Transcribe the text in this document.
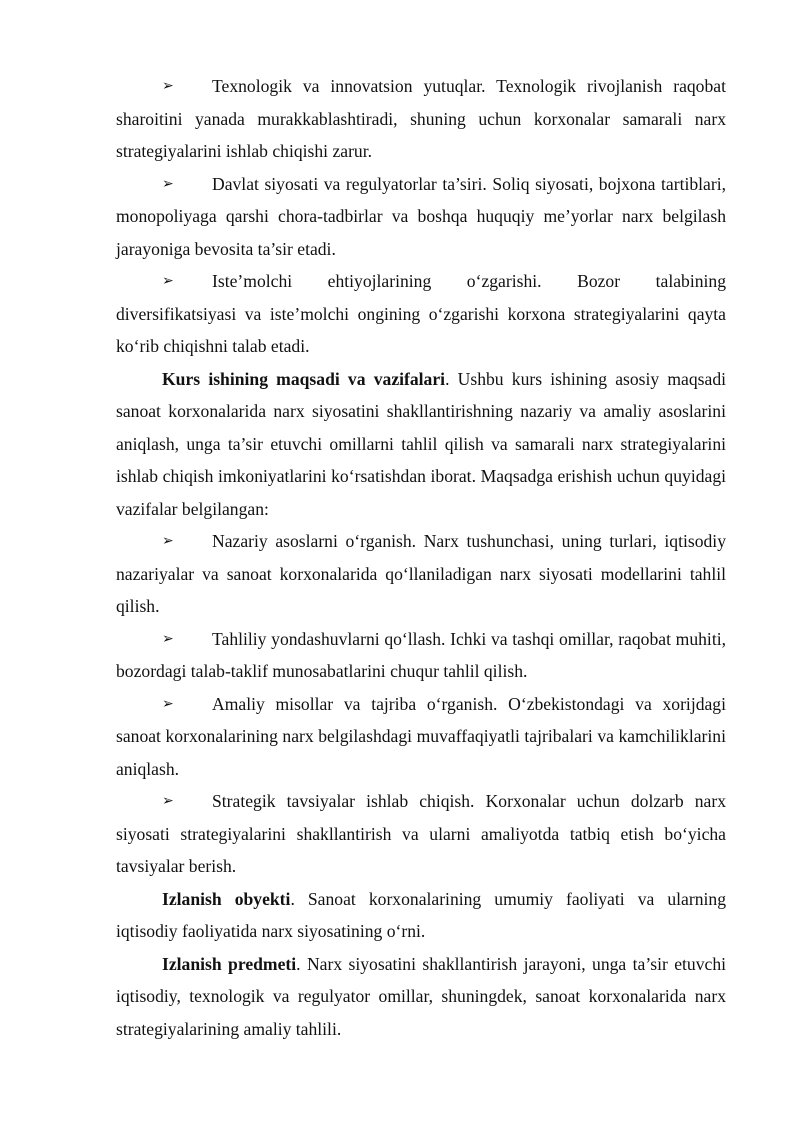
➢ Texnologik va innovatsion yutuqlar. Texnologik rivojlanish raqobat sharoitini yanada murakkablashtiradi, shuning uchun korxonalar samarali narx strategiyalarini ishlab chiqishi zarur.

➢ Davlat siyosati va regulyatorlar ta’siri. Soliq siyosati, bojxona tartiblari, monopoliyaga qarshi chora-tadbirlar va boshqa huquqiy me’yorlar narx belgilash jarayoniga bevosita ta’sir etadi.

➢ Iste’molchi ehtiyojlarining o‘zgarishi. Bozor talabining diversifikatsiyasi va iste’molchi ongining o‘zgarishi korxona strategiyalarini qayta ko‘rib chiqishni talab etadi.

Kurs ishining maqsadi va vazifalari. Ushbu kurs ishining asosiy maqsadi sanoat korxonalarida narx siyosatini shakllantirishning nazariy va amaliy asoslarini aniqlash, unga ta’sir etuvchi omillarni tahlil qilish va samarali narx strategiyalarini ishlab chiqish imkoniyatlarini ko‘rsatishdan iborat. Maqsadga erishish uchun quyidagi vazifalar belgilangan:

➢ Nazariy asoslarni o‘rganish. Narx tushunchasi, uning turlari, iqtisodiy nazariyalar va sanoat korxonalarida qo‘llaniladigan narx siyosati modellarini tahlil qilish.

➢ Tahliliy yondashuvlarni qo‘llash. Ichki va tashqi omillar, raqobat muhiti, bozordagi talab-taklif munosabatlarini chuqur tahlil qilish.

➢ Amaliy misollar va tajriba o‘rganish. O‘zbekistondagi va xorijdagi sanoat korxonalarining narx belgilashdagi muvaffaqiyatli tajribalari va kamchiliklarini aniqlash.

➢ Strategik tavsiyalar ishlab chiqish. Korxonalar uchun dolzarb narx siyosati strategiyalarini shakllantirish va ularni amaliyotda tatbiq etish bo‘yicha tavsiyalar berish.

Izlanish obyekti. Sanoat korxonalarining umumiy faoliyati va ularning iqtisodiy faoliyatida narx siyosatining o‘rni.

Izlanish predmeti. Narx siyosatini shakllantirish jarayoni, unga ta’sir etuvchi iqtisodiy, texnologik va regulyator omillar, shuningdek, sanoat korxonalarida narx strategiyalarining amaliy tahlili.
